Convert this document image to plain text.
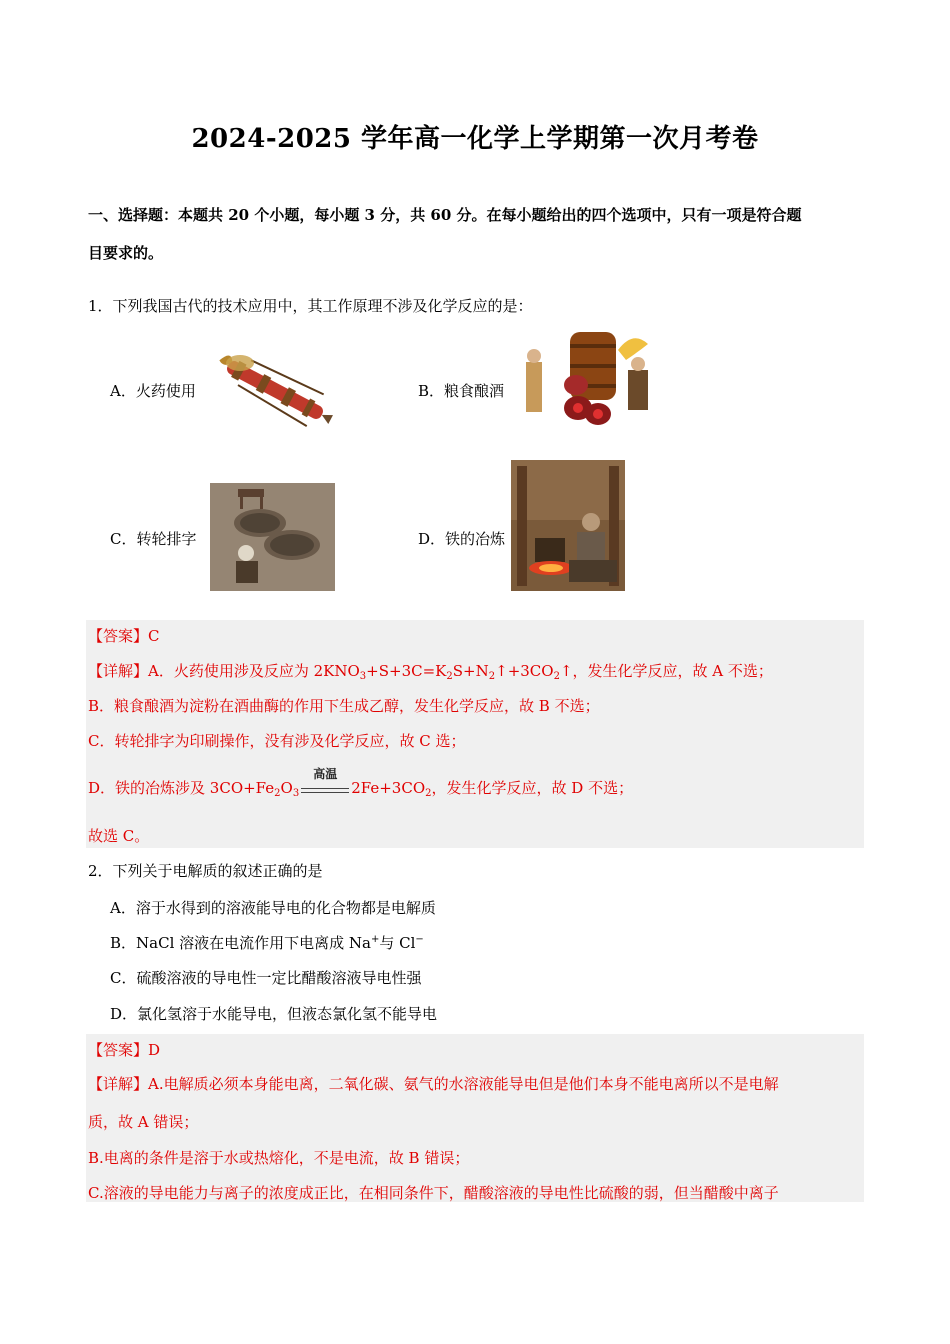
2024-2025 学年高一化学上学期第一次月考卷
一、选择题：本题共 20 个小题，每小题 3 分，共 60 分。在每小题给出的四个选项中，只有一项是符合题
目要求的。
1．下列我国古代的技术应用中，其工作原理不涉及化学反应的是：
A．火药使用	B．粮食酿酒
C．转轮排字	D．铁的冶炼
【答案】C
【详解】A．火药使用涉及反应为 $2KNO_3+S+3C=K_2S+N_2↑+3CO_2↑$，发生化学反应，故 A 不选；
B．粮食酿酒为淀粉在酒曲酶的作用下生成乙醇，发生化学反应，故 B 不选；
C．转轮排字为印刷操作，没有涉及化学反应，故 C 选；
D．铁的冶炼涉及 $3CO+Fe_2O_3$
高温
$2Fe+3CO_2$，发生化学反应，故 D 不选；
故选 C。
2．下列关于电解质的叙述正确的是
A．溶于水得到的溶液能导电的化合物都是电解质
B．NaCl 溶液在电流作用下电离成 Na+与 Cl−
C．硫酸溶液的导电性一定比醋酸溶液导电性强
D．氯化氢溶于水能导电，但液态氯化氢不能导电
【答案】D
【详解】A.电解质必须本身能电离，二氧化碳、氨气的水溶液能导电但是他们本身不能电离所以不是电解
质，故 A 错误；
B.电离的条件是溶于水或热熔化，不是电流，故 B 错误；
C.溶液的导电能力与离子的浓度成正比，在相同条件下，醋酸溶液的导电性比硫酸的弱，但当醋酸中离子
